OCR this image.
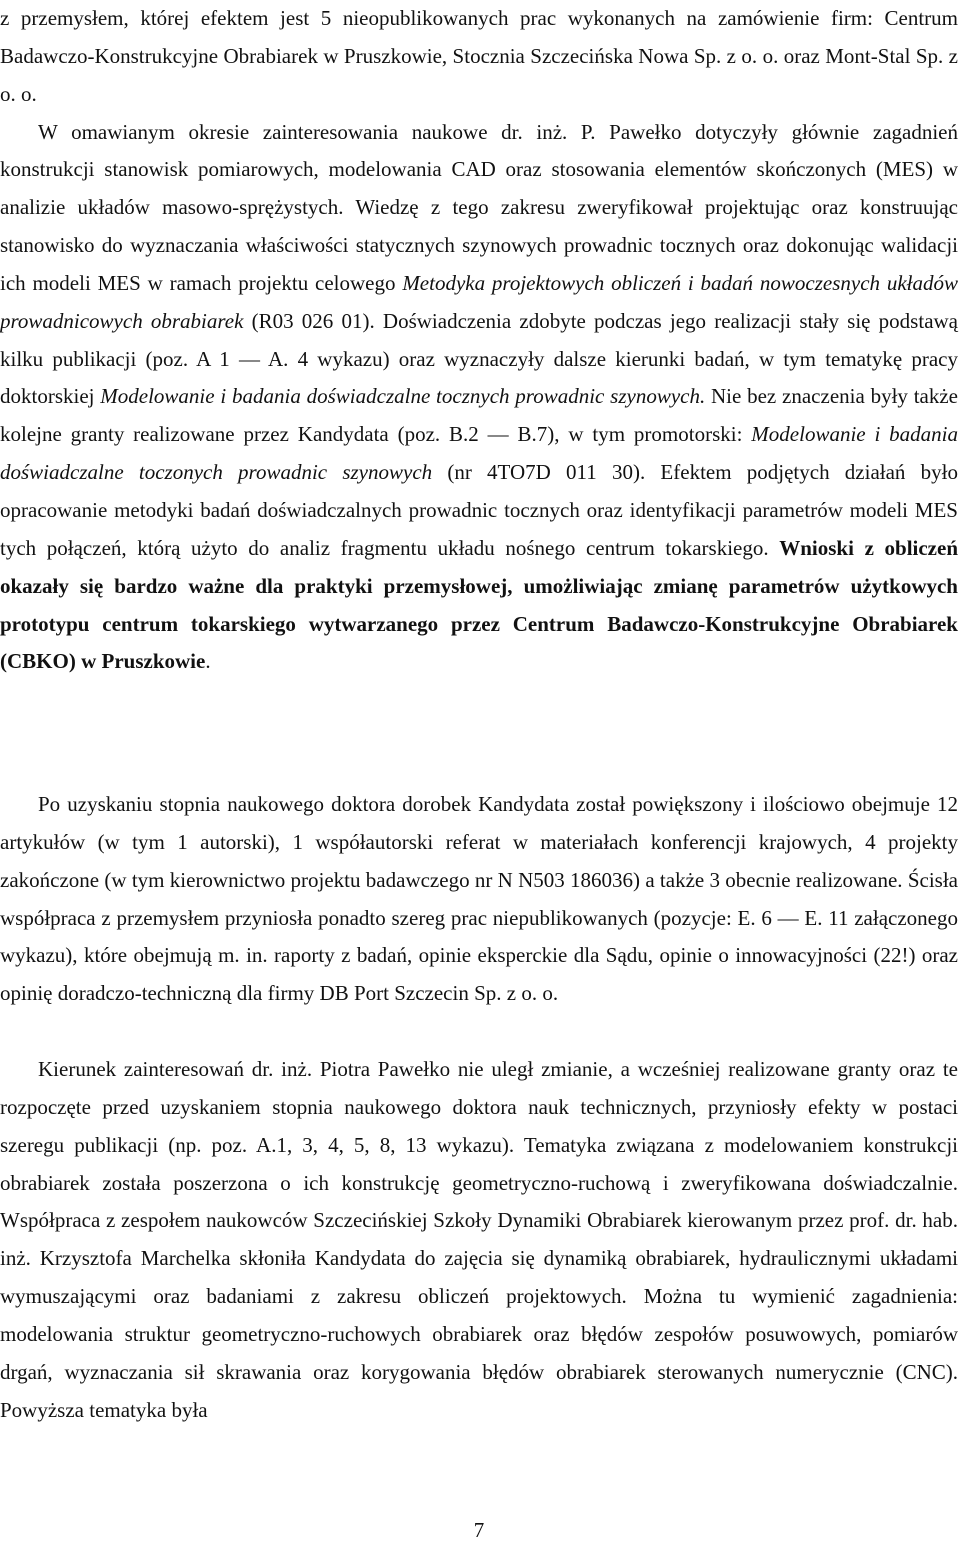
z przemysłem, której efektem jest 5 nieopublikowanych prac wykonanych na zamówienie firm: Centrum Badawczo-Konstrukcyjne Obrabiarek w Pruszkowie, Stocznia Szczecińska Nowa Sp. z o. o. oraz Mont-Stal Sp. z o. o.
W omawianym okresie zainteresowania naukowe dr. inż. P. Pawełko dotyczyły głównie zagadnień konstrukcji stanowisk pomiarowych, modelowania CAD oraz stosowania elementów skończonych (MES) w analizie układów masowo-sprężystych. Wiedzę z tego zakresu zweryfikował projektując oraz konstruując stanowisko do wyznaczania właściwości statycznych szynowych prowadnic tocznych oraz dokonując walidacji ich modeli MES w ramach projektu celowego Metodyka projektowych obliczeń i badań nowoczesnych układów prowadnicowych obrabiarek (R03 026 01). Doświadczenia zdobyte podczas jego realizacji stały się podstawą kilku publikacji (poz. A 1 — A. 4 wykazu) oraz wyznaczyły dalsze kierunki badań, w tym tematykę pracy doktorskiej Modelowanie i badania doświadczalne tocznych prowadnic szynowych. Nie bez znaczenia były także kolejne granty realizowane przez Kandydata (poz. B.2 — B.7), w tym promotorski: Modelowanie i badania doświadczalne toczonych prowadnic szynowych (nr 4TO7D 011 30). Efektem podjętych działań było opracowanie metodyki badań doświadczalnych prowadnic tocznych oraz identyfikacji parametrów modeli MES tych połączeń, którą użyto do analiz fragmentu układu nośnego centrum tokarskiego. Wnioski z obliczeń okazały się bardzo ważne dla praktyki przemysłowej, umożliwiając zmianę parametrów użytkowych prototypu centrum tokarskiego wytwarzanego przez Centrum Badawczo-Konstrukcyjne Obrabiarek (CBKO) w Pruszkowie.

Po uzyskaniu stopnia naukowego doktora dorobek Kandydata został powiększony i ilościowo obejmuje 12 artykułów (w tym 1 autorski), 1 współautorski referat w materiałach konferencji krajowych, 4 projekty zakończone (w tym kierownictwo projektu badawczego nr N N503 186036) a także 3 obecnie realizowane. Ścisła współpraca z przemysłem przyniosła ponadto szereg prac niepublikowanych (pozycje: E. 6 — E. 11 załączonego wykazu), które obejmują m. in. raporty z badań, opinie eksperckie dla Sądu, opinie o innowacyjności (22!) oraz opinię doradczo-techniczną dla firmy DB Port Szczecin Sp. z o. o.

Kierunek zainteresowań dr. inż. Piotra Pawełko nie uległ zmianie, a wcześniej realizowane granty oraz te rozpoczęte przed uzyskaniem stopnia naukowego doktora nauk technicznych, przyniosły efekty w postaci szeregu publikacji (np. poz. A.1, 3, 4, 5, 8, 13 wykazu). Tematyka związana z modelowaniem konstrukcji obrabiarek została poszerzona o ich konstrukcję geometryczno-ruchową i zweryfikowana doświadczalnie. Współpraca z zespołem naukowców Szczecińskiej Szkoły Dynamiki Obrabiarek kierowanym przez prof. dr. hab. inż. Krzysztofa Marchelka skłoniła Kandydata do zajęcia się dynamiką obrabiarek, hydraulicznymi układami wymuszającymi oraz badaniami z zakresu obliczeń projektowych. Można tu wymienić zagadnienia: modelowania struktur geometryczno-ruchowych obrabiarek oraz błędów zespołów posuwowych, pomiarów drgań, wyznaczania sił skrawania oraz korygowania błędów obrabiarek sterowanych numerycznie (CNC). Powyższa tematyka była

7
